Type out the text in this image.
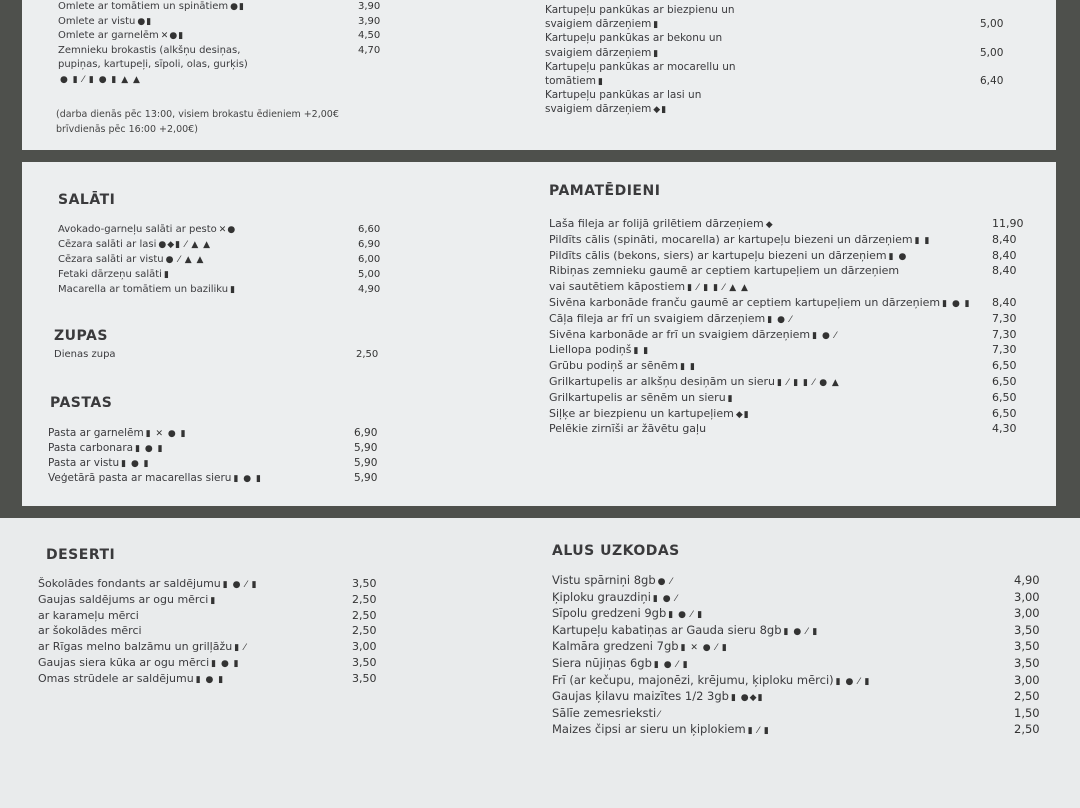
Omlete ar tomātiem un spinātiem ●▮	3,90
Omlete ar vistu ●▮	3,90
Omlete ar garnelēm ✕●▮	4,50
Zemnieku brokastis (alkšņu desiņas,	4,70
pupiņas, kartupeļi, sīpoli, olas, gurķis)
● ▮ ⁄ ▮ ● ▮ ▲ ▲
(darba dienās pēc 13:00, visiem brokastu ēdieniem +2,00€
brīvdienās pēc 16:00 +2,00€)
Kartupeļu pankūkas ar biezpienu un
svaigiem dārzeņiem ▮	5,00
Kartupeļu pankūkas ar bekonu un
svaigiem dārzeņiem ▮	5,00
Kartupeļu pankūkas ar mocarellu un
tomātiem ▮	6,40
Kartupeļu pankūkas ar lasi un
svaigiem dārzeņiem ◆▮
SALĀTI
Avokado-garneļu salāti ar pesto ✕●	6,60
Cēzara salāti ar lasi ●◆▮ ⁄ ▲ ▲	6,90
Cēzara salāti ar vistu ● ⁄ ▲ ▲	6,00
Fetaki dārzeņu salāti ▮	5,00
Macarella ar tomātiem un baziliku ▮	4,90
ZUPAS
Dienas zupa	2,50
PASTAS
Pasta ar garnelēm ▮ ✕ ● ▮	6,90
Pasta carbonara ▮ ● ▮	5,90
Pasta ar vistu ▮ ● ▮	5,90
Veģetārā pasta ar macarellas sieru ▮ ● ▮	5,90
PAMATĒDIENI
Laša fileja ar folijā grilētiem dārzeņiem ◆	11,90
Pildīts cālis (spināti, mocarella) ar kartupeļu biezeni un dārzeņiem ▮ ▮	8,40
Pildīts cālis (bekons, siers) ar kartupeļu biezeni un dārzeņiem ▮ ●	8,40
Ribiņas zemnieku gaumē ar ceptiem kartupeļiem un dārzeņiem	8,40
vai sautētiem kāpostiem ▮ ⁄ ▮ ▮ ⁄ ▲ ▲
Sivēna karbonāde franču gaumē ar ceptiem kartupeļiem un dārzeņiem ▮ ● ▮ 8,40
Cāļa fileja ar frī un svaigiem dārzeņiem ▮ ● ⁄	7,30
Sivēna karbonāde ar frī un svaigiem dārzeņiem ▮ ● ⁄	7,30
Liellopa podiņš ▮ ▮	7,30
Grūbu podiņš ar sēnēm ▮ ▮	6,50
Grilkartupelis ar alkšņu desiņām un sieru ▮ ⁄ ▮ ▮ ⁄ ● ▲	6,50
Grilkartupelis ar sēnēm un sieru ▮	6,50
Siļķe ar biezpienu un kartupeļiem ◆▮	6,50
Pelēkie zirnīši ar žāvētu gaļu	4,30
DESERTI
Šokolādes fondants ar saldējumu ▮ ● ⁄ ▮	3,50
Gaujas saldējums ar ogu mērci ▮	2,50
ar karameļu mērci	2,50
ar šokolādes mērci	2,50
ar Rīgas melno balzāmu un grilļāžu ▮ ⁄	3,00
Gaujas siera kūka ar ogu mērci ▮ ● ▮	3,50
Omas strūdele ar saldējumu ▮ ● ▮	3,50
ALUS UZKODAS
Vistu spārniņi 8gb ● ⁄	4,90
Ķiploku grauzdiņi ▮ ● ⁄	3,00
Sīpolu gredzeni 9gb ▮ ● ⁄ ▮	3,00
Kartupeļu kabatiņas ar Gauda sieru 8gb ▮ ● ⁄ ▮	3,50
Kalmāra gredzeni 7gb ▮ ✕ ● ⁄ ▮	3,50
Siera nūjiņas 6gb ▮ ● ⁄ ▮	3,50
Frī (ar kečupu, majonēzi, krējumu, ķiploku mērci) ▮ ● ⁄ ▮	3,00
Gaujas ķilavu maizītes 1/2 3gb ▮ ●◆▮	2,50
Sālīe zemesrieksti ⁄	1,50
Maizes čipsi ar sieru un ķiplokiem ▮ ⁄ ▮	2,50
